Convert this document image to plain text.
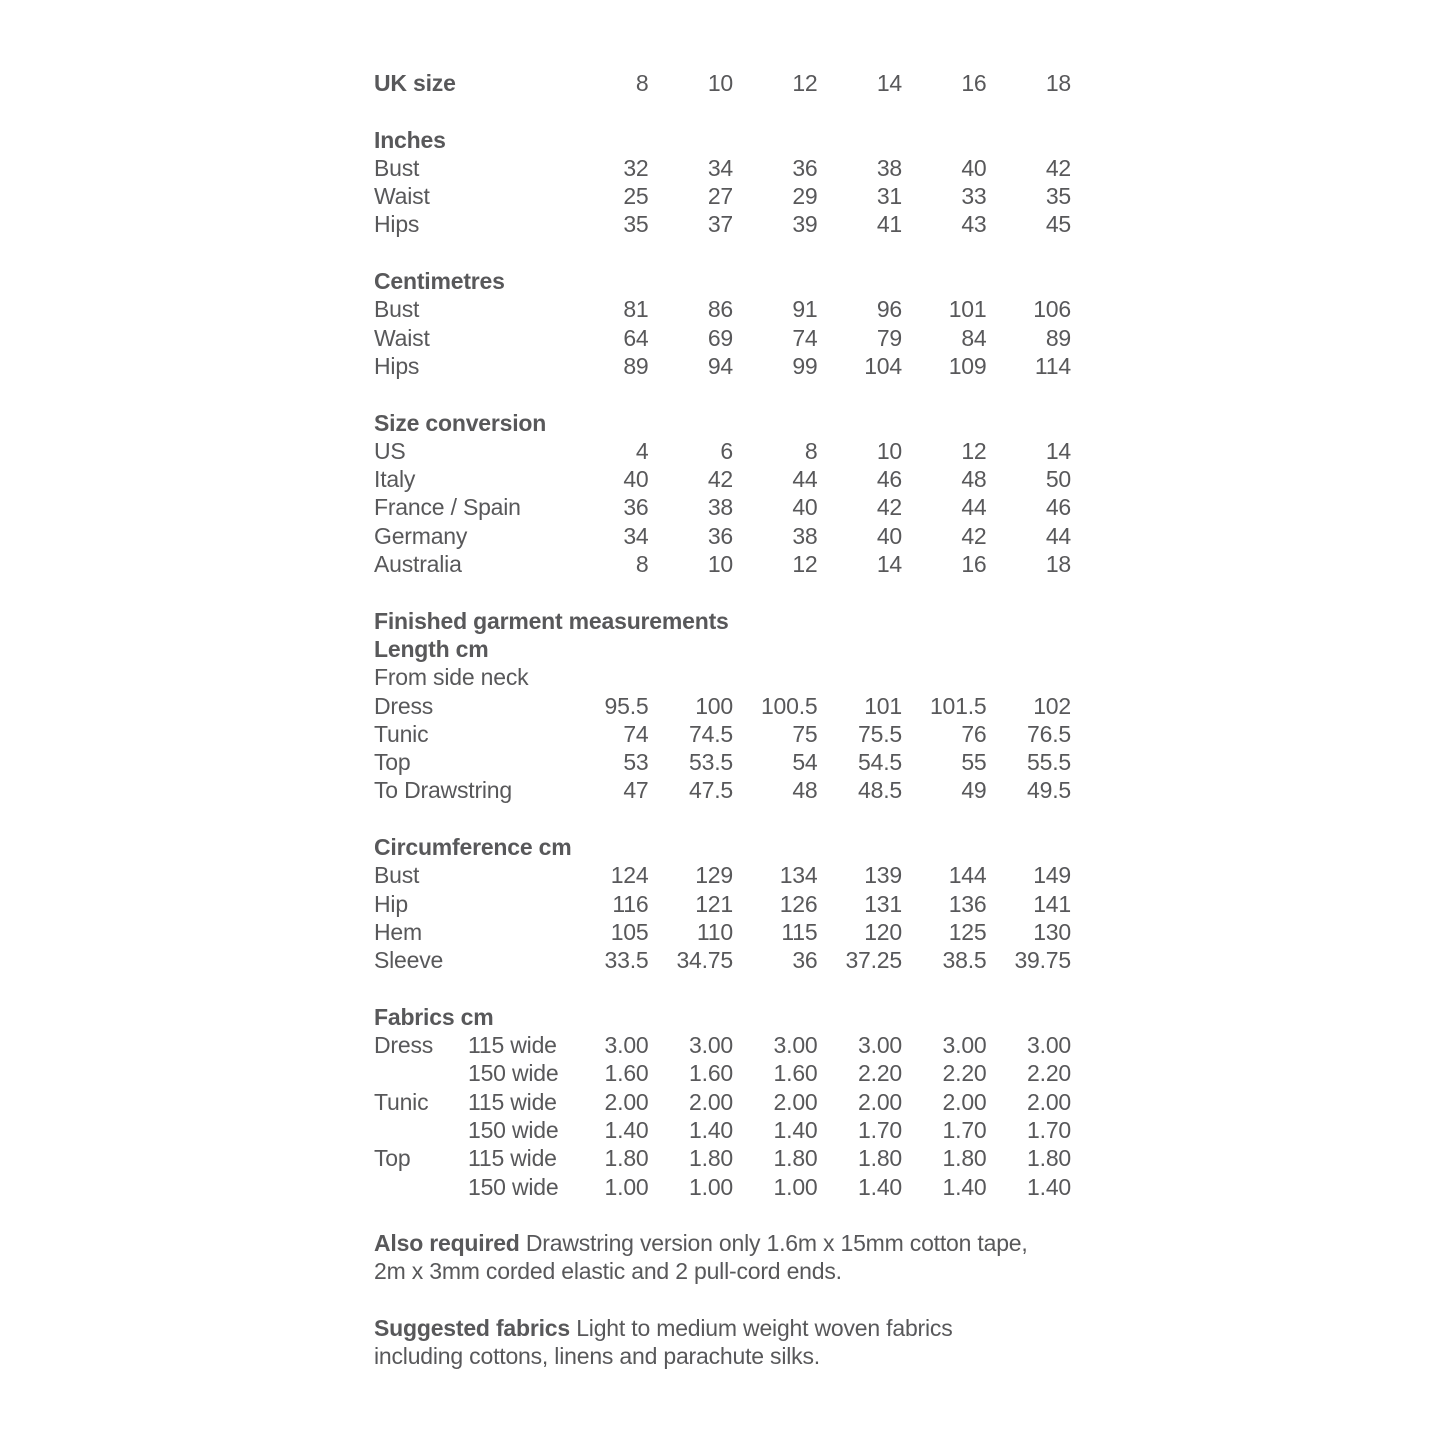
UK size	8	10	12	14	16	18
Inches
Bust	32	34	36	38	40	42
Waist	25	27	29	31	33	35
Hips	35	37	39	41	43	45
Centimetres
Bust	81	86	91	96	101	106
Waist	64	69	74	79	84	89
Hips	89	94	99	104	109	114
Size conversion
US	4	6	8	10	12	14
Italy	40	42	44	46	48	50
France / Spain	36	38	40	42	44	46
Germany	34	36	38	40	42	44
Australia	8	10	12	14	16	18
Finished garment measurements
Length cm
From side neck
Dress	95.5	100	100.5	101	101.5	102
Tunic	74	74.5	75	75.5	76	76.5
Top	53	53.5	54	54.5	55	55.5
To Drawstring	47	47.5	48	48.5	49	49.5
Circumference cm
Bust	124	129	134	139	144	149
Hip	116	121	126	131	136	141
Hem	105	110	115	120	125	130
Sleeve	33.5	34.75	36	37.25	38.5	39.75
Fabrics cm
Dress 115 wide	3.00	3.00	3.00	3.00	3.00	3.00
150 wide	1.60	1.60	1.60	2.20	2.20	2.20
Tunic 115 wide	2.00	2.00	2.00	2.00	2.00	2.00
150 wide	1.40	1.40	1.40	1.70	1.70	1.70
Top	115 wide	1.80	1.80	1.80	1.80	1.80	1.80
150 wide	1.00	1.00	1.00	1.40	1.40	1.40

Also required Drawstring version only 1.6m x 15mm cotton tape,
2m x 3mm corded elastic and 2 pull-cord ends.

Suggested fabrics Light to medium weight woven fabrics
including cottons, linens and parachute silks.
